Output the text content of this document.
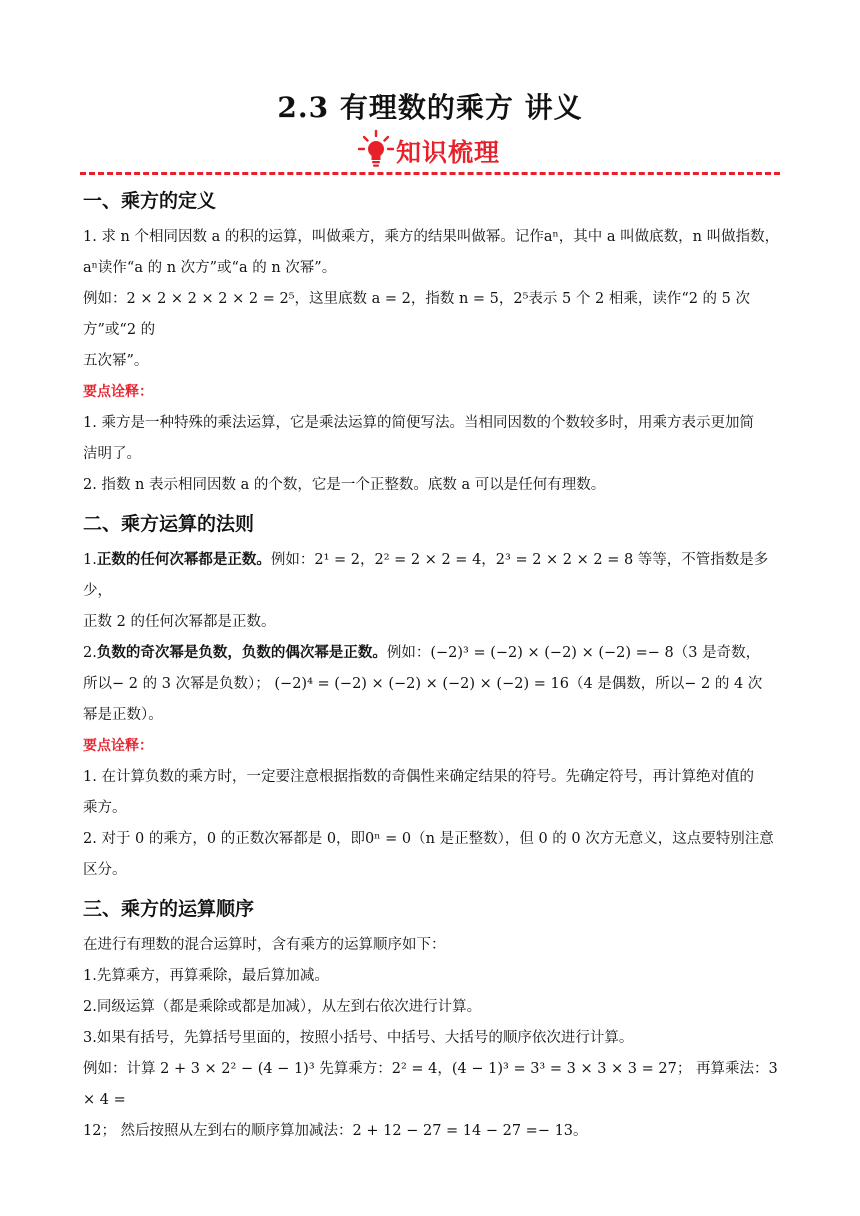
2.3 有理数的乘方 讲义
知识梳理
一、乘方的定义

1. 求 n 个相同因数 a 的积的运算，叫做乘方，乘方的结果叫做幂。记作aⁿ，其中 a 叫做底数，n 叫做指数，

aⁿ读作“a 的 n 次方”或“a 的 n 次幂”。

例如：2 × 2 × 2 × 2 × 2 = 2⁵，这里底数 a = 2，指数 n = 5，2⁵表示 5 个 2 相乘，读作“2 的 5 次方”或“2 的

五次幂”。

要点诠释：

1. 乘方是一种特殊的乘法运算，它是乘法运算的简便写法。当相同因数的个数较多时，用乘方表示更加简

洁明了。

2. 指数 n 表示相同因数 a 的个数，它是一个正整数。底数 a 可以是任何有理数。

二、乘方运算的法则

1.正数的任何次幂都是正数。例如：2¹ = 2，2² = 2 × 2 = 4，2³ = 2 × 2 × 2 = 8 等等，不管指数是多少，

正数 2 的任何次幂都是正数。

2.负数的奇次幂是负数，负数的偶次幂是正数。例如：(−2)³ = (−2) × (−2) × (−2) =− 8（3 是奇数，

所以− 2 的 3 次幂是负数）； (−2)⁴ = (−2) × (−2) × (−2) × (−2) = 16（4 是偶数，所以− 2 的 4 次

幂是正数）。

要点诠释：

1. 在计算负数的乘方时，一定要注意根据指数的奇偶性来确定结果的符号。先确定符号，再计算绝对值的

乘方。

2. 对于 0 的乘方，0 的正数次幂都是 0，即0ⁿ = 0（n 是正整数），但 0 的 0 次方无意义，这点要特别注意

区分。

三、乘方的运算顺序

在进行有理数的混合运算时，含有乘方的运算顺序如下：

1.先算乘方，再算乘除，最后算加减。

2.同级运算（都是乘除或都是加减），从左到右依次进行计算。

3.如果有括号，先算括号里面的，按照小括号、中括号、大括号的顺序依次进行计算。

例如：计算 2 + 3 × 2² − (4 − 1)³ 先算乘方：2² = 4，(4 − 1)³ = 3³ = 3 × 3 × 3 = 27； 再算乘法：3 × 4 =

12； 然后按照从左到右的顺序算加减法：2 + 12 − 27 = 14 − 27 =− 13。
